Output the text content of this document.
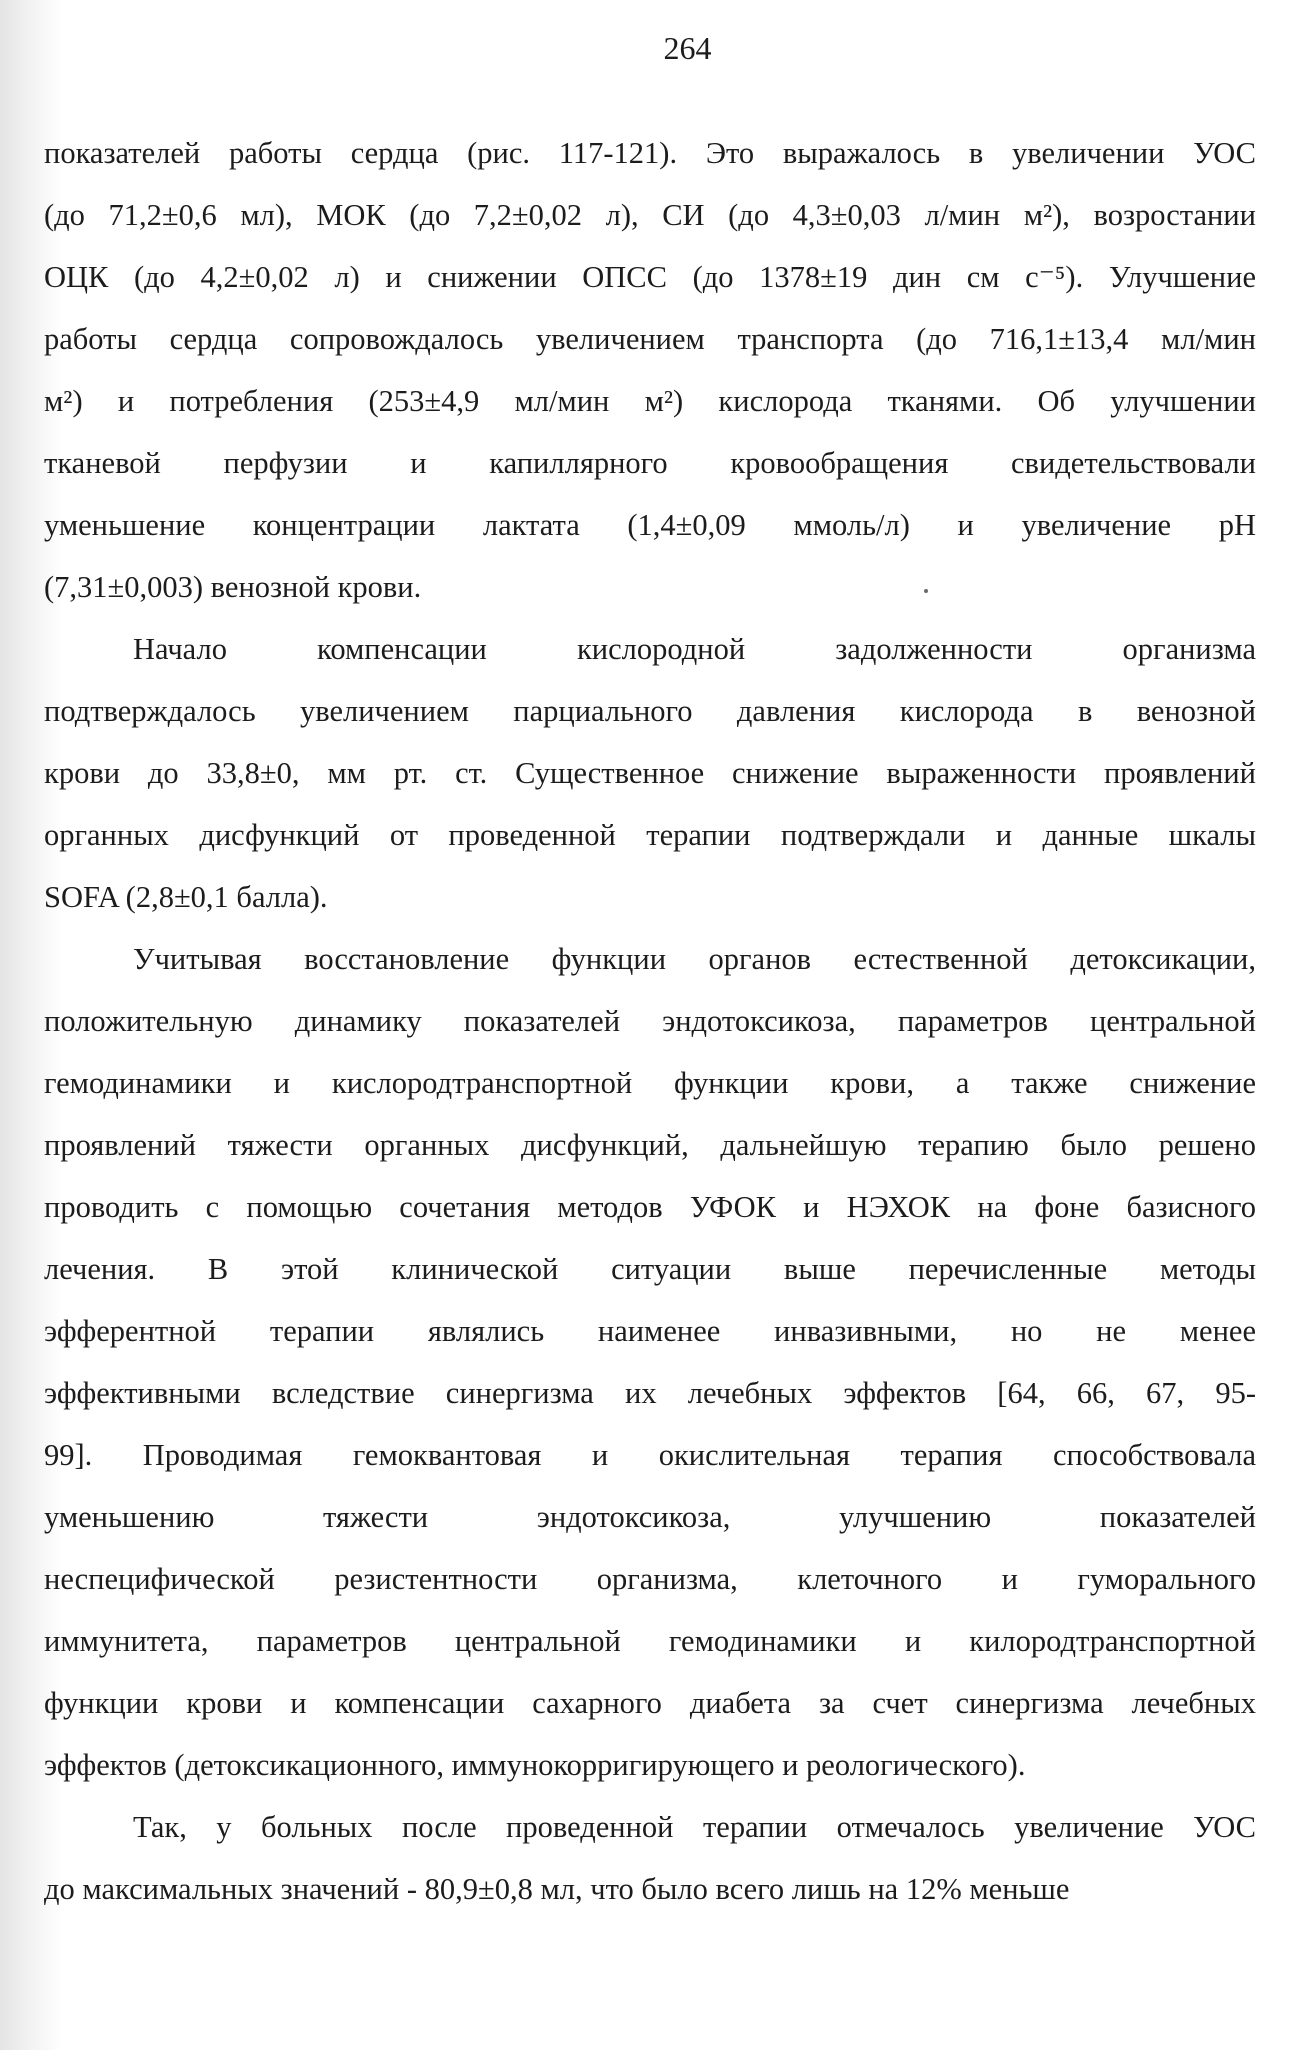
264
показателей работы сердца (рис. 117-121). Это выражалось в увеличении УОС
(до 71,2±0,6 мл), МОК (до 7,2±0,02 л), СИ (до 4,3±0,03 л/мин м²), возростании
ОЦК (до 4,2±0,02 л) и снижении ОПСС (до 1378±19 дин см с⁻⁵). Улучшение
работы сердца сопровождалось увеличением транспорта (до 716,1±13,4 мл/мин
м²) и потребления (253±4,9 мл/мин м²) кислорода тканями. Об улучшении
тканевой перфузии и капиллярного кровообращения свидетельствовали
уменьшение концентрации лактата (1,4±0,09 ммоль/л) и увеличение рН
(7,31±0,003) венозной крови.
Начало компенсации кислородной задолженности организма
подтверждалось увеличением парциального давления кислорода в венозной
крови до 33,8±0, мм рт. ст. Существенное снижение выраженности проявлений
органных дисфункций от проведенной терапии подтверждали и данные шкалы
SOFA (2,8±0,1 балла).
Учитывая восстановление функции органов естественной детоксикации,
положительную динамику показателей эндотоксикоза, параметров центральной
гемодинамики и кислородтранспортной функции крови, а также снижение
проявлений тяжести органных дисфункций, дальнейшую терапию было решено
проводить с помощью сочетания методов УФОК и НЭХОК на фоне базисного
лечения. В этой клинической ситуации выше перечисленные методы
эфферентной терапии являлись наименее инвазивными, но не менее
эффективными вследствие синергизма их лечебных эффектов [64, 66, 67, 95-
99]. Проводимая гемоквантовая и окислительная терапия способствовала
уменьшению тяжести эндотоксикоза, улучшению показателей
неспецифической резистентности организма, клеточного и гуморального
иммунитета, параметров центральной гемодинамики и килородтранспортной
функции крови и компенсации сахарного диабета за счет синергизма лечебных
эффектов (детоксикационного, иммунокорригирующего и реологического).
Так, у больных после проведенной терапии отмечалось увеличение УОС
до максимальных значений - 80,9±0,8 мл, что было всего лишь на 12% меньше
